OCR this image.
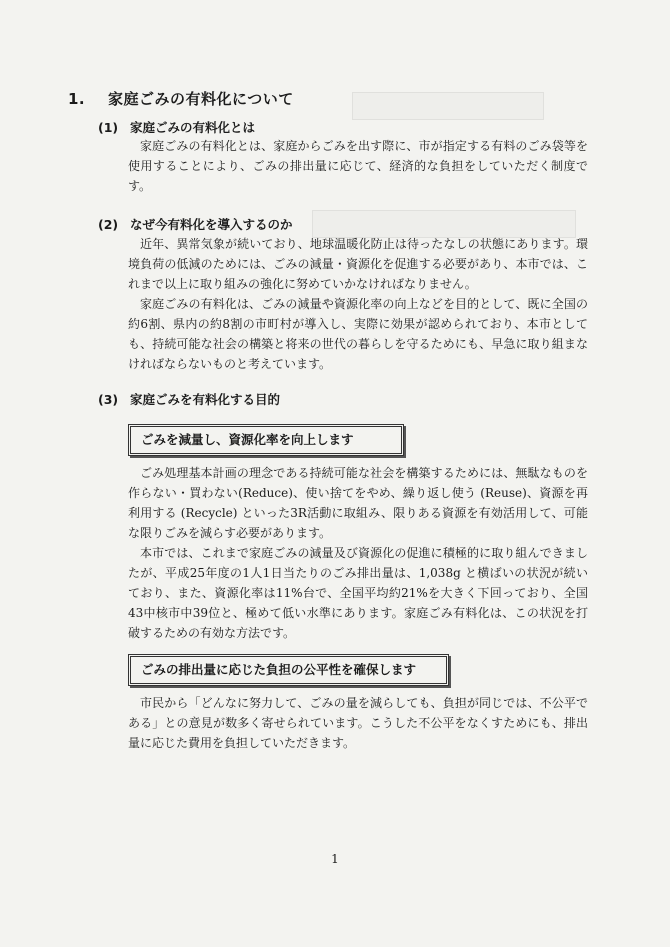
1. 家庭ごみの有料化について
(1) 家庭ごみの有料化とは

家庭ごみの有料化とは、家庭からごみを出す際に、市が指定する有料のごみ袋等を使用することにより、ごみの排出量に応じて、経済的な負担をしていただく制度です。

(2) なぜ今有料化を導入するのか

近年、異常気象が続いており、地球温暖化防止は待ったなしの状態にあります。環境負荷の低減のためには、ごみの減量・資源化を促進する必要があり、本市では、これまで以上に取り組みの強化に努めていかなければなりません。

家庭ごみの有料化は、ごみの減量や資源化率の向上などを目的として、既に全国の約6割、県内の約8割の市町村が導入し、実際に効果が認められており、本市としても、持続可能な社会の構築と将来の世代の暮らしを守るためにも、早急に取り組まなければならないものと考えています。

(3) 家庭ごみを有料化する目的
ごみを減量し、資源化率を向上します

ごみ処理基本計画の理念である持続可能な社会を構築するためには、無駄なものを作らない・買わない(Reduce)、使い捨てをやめ、繰り返し使う (Reuse)、資源を再利用する (Recycle) といった3R活動に取組み、限りある資源を有効活用して、可能な限りごみを減らす必要があります。

本市では、これまで家庭ごみの減量及び資源化の促進に積極的に取り組んできましたが、平成25年度の1人1日当たりのごみ排出量は、1,038g と横ばいの状況が続いており、また、資源化率は11%台で、全国平均約21%を大きく下回っており、全国43中核市中39位と、極めて低い水準にあります。家庭ごみ有料化は、この状況を打破するための有効な方法です。

ごみの排出量に応じた負担の公平性を確保します

市民から「どんなに努力して、ごみの量を減らしても、負担が同じでは、不公平である」との意見が数多く寄せられています。こうした不公平をなくすためにも、排出量に応じた費用を負担していただきます。

1
